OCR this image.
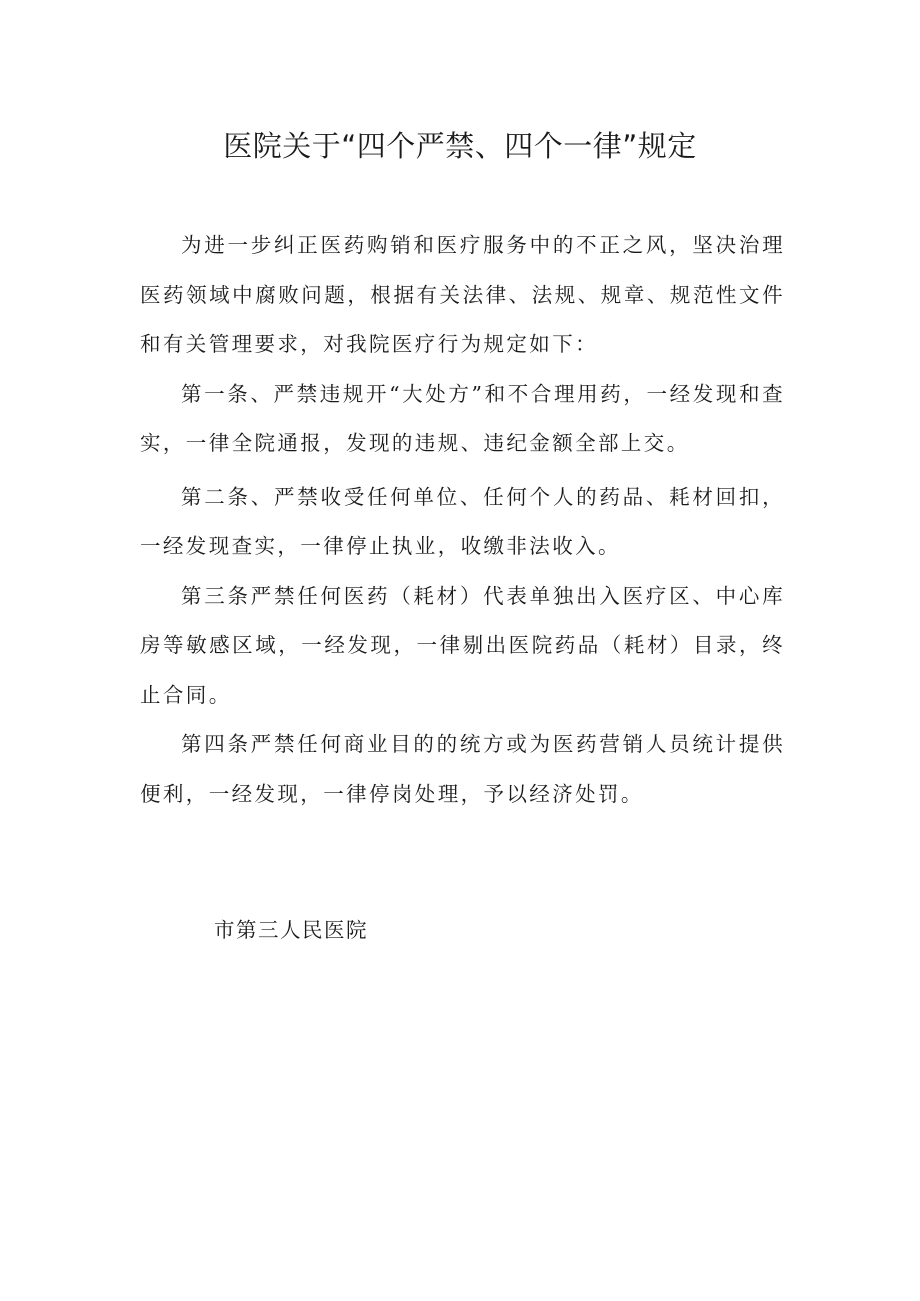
医院关于“四个严禁、四个一律”规定

为进一步纠正医药购销和医疗服务中的不正之风，坚决治理医药领域中腐败问题，根据有关法律、法规、规章、规范性文件和有关管理要求，对我院医疗行为规定如下：

第一条、严禁违规开“大处方”和不合理用药，一经发现和查实，一律全院通报，发现的违规、违纪金额全部上交。

第二条、严禁收受任何单位、任何个人的药品、耗材回扣，一经发现查实，一律停止执业，收缴非法收入。

第三条严禁任何医药（耗材）代表单独出入医疗区、中心库房等敏感区域，一经发现，一律剔出医院药品（耗材）目录，终止合同。

第四条严禁任何商业目的的统方或为医药营销人员统计提供便利，一经发现，一律停岗处理，予以经济处罚。

市第三人民医院
